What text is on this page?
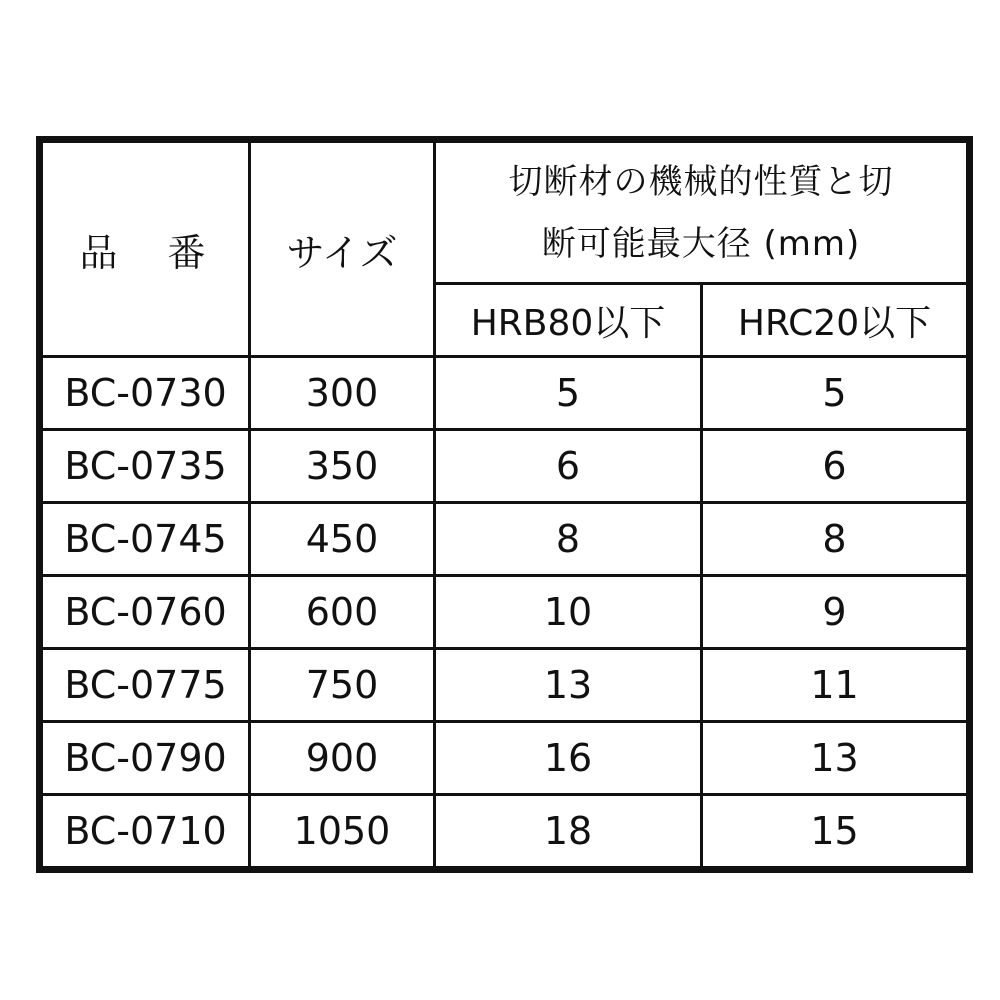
品　番	サイズ	切断材の機械的性質と切
断可能最大径 (mm)	

		HRB80以下	HRC20以下
BC-0730	300	5	5
BC-0735	350	6	6
BC-0745	450	8	8
BC-0760	600	10	9
BC-0775	750	13	11
BC-0790	900	16	13
BC-0710	1050	18	15
